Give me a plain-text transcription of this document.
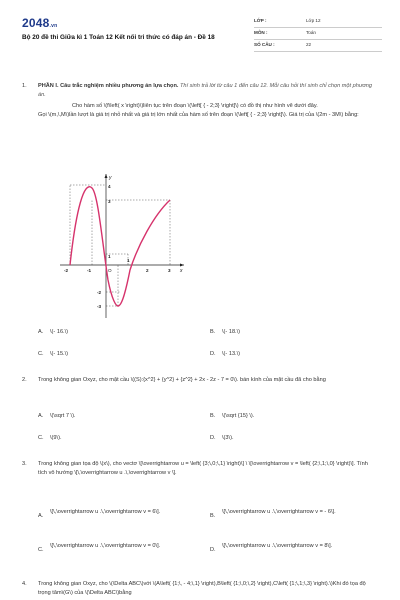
2048.vn
Bộ 20 đề thi Giữa kì 1 Toán 12 Kết nối tri thức có đáp án - Đề 18
LỚP :	Lớp 12
MÔN :	Toán
SỐ CÂU :	22
1.	PHẦN I. Câu trắc nghiệm nhiều phương án lựa chọn. Thí sinh trả lời từ câu 1 đến câu 12. Mỗi câu hỏi thí sinh chỉ chọn một phương án.
Cho hàm số \(f\left( x \right)\)liên tục trên đoạn \(\left[ { - 2;3} \right]\) có đồ thị như hình vẽ dưới đây.
Gọi \(m,\,M\)lần lượt là giá trị nhỏ nhất và giá trị lớn nhất của hàm số trên đoạn \(\left[ { - 2;3} \right]\). Giá trị của \(2m - 3M\) bằng:
y
x
O
-2	-1
1
2	3
4
3
1
-2
-3
A. \(- 16.\)	B. \(- 18.\)
C. \(- 15.\)	D. \(- 13.\)
2.	Trong không gian Oxyz, cho mặt cầu \((S):{x^2} + {y^2} + {z^2} + 2x - 2z - 7 = 0\). bán kính của mặt cầu đã cho bằng
A. \(\sqrt 7 \).	B. \(\sqrt {15} \).
C. \(9\).	D. \(3\).
3.	Trong không gian tọa độ \(x\), cho vectơ \[\overrightarrow u = \left( {3;\,0;\,1} \right)\] \ \[\overrightarrow v = \left( {2;\,1;\,0} \right)\]. Tính tích vô hướng \[\,\overrightarrow u .\,\overrightarrow v \].
A.
\[\,\overrightarrow u .\,\overrightarrow v = 6\].
B.
\[\,\overrightarrow u .\,\overrightarrow v = - 6\].
C.
\[\,\overrightarrow u .\,\overrightarrow v = 0\].
D.
\[\,\overrightarrow u .\,\overrightarrow v = 8\].
4.	Trong không gian Oxyz, cho \(\Delta ABC\)với \(A\left( {1;\, - 4;\,1} \right),B\left( {1;\,0;\,2} \right),C\left( {1;\,1;\,3} \right).\)Khi đó tọa độ trọng tâm\(G\) của \(\Delta ABC\)bằng
